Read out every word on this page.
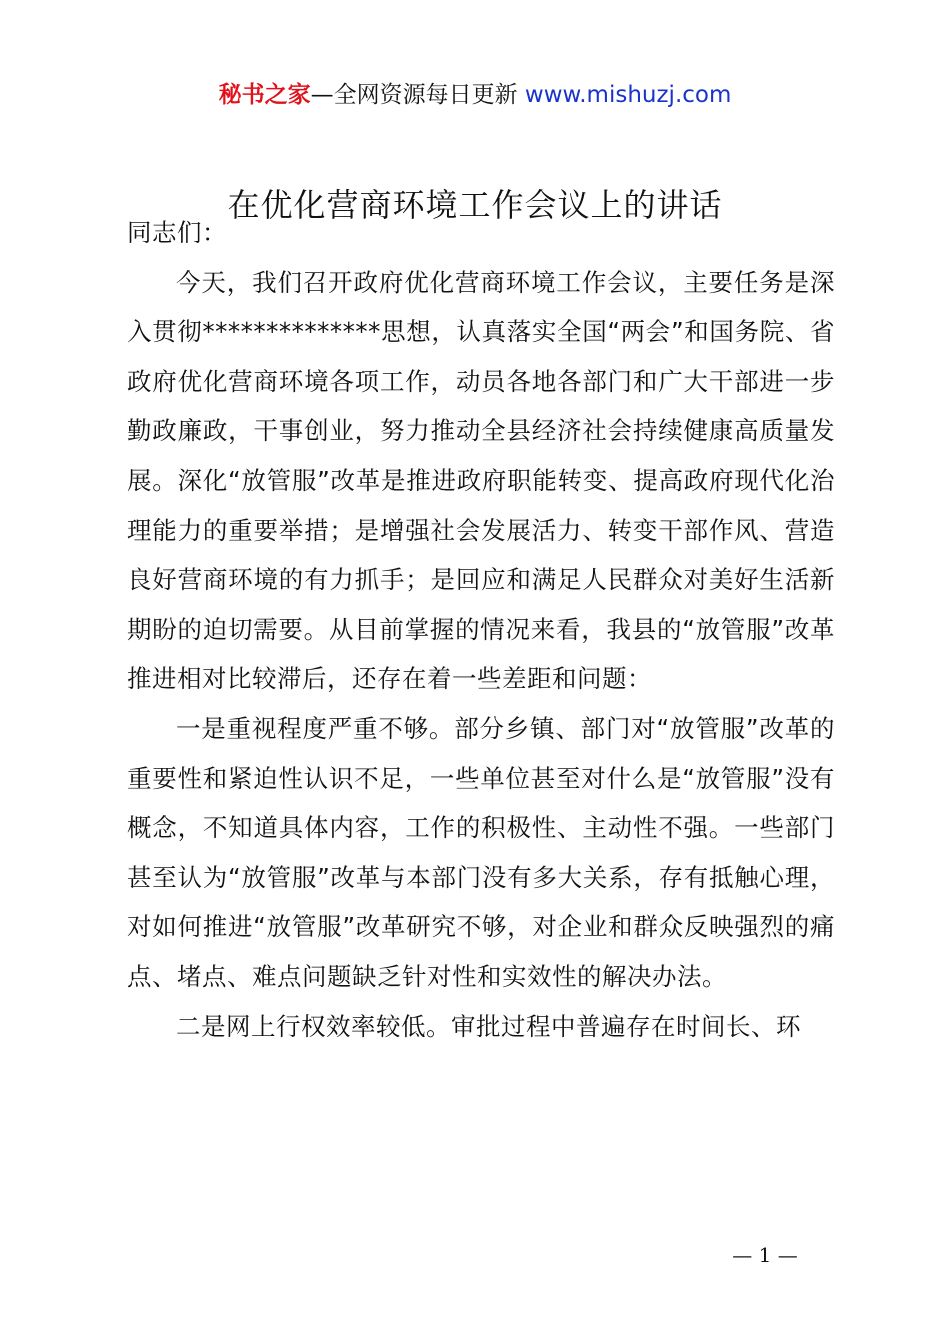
秘书之家—全网资源每日更新 www.mishuzj.com
在优化营商环境工作会议上的讲话

同志们：

今天，我们召开政府优化营商环境工作会议，主要任务是深入贯彻**************思想，认真落实全国“两会”和国务院、省政府优化营商环境各项工作，动员各地各部门和广大干部进一步勤政廉政，干事创业，努力推动全县经济社会持续健康高质量发展。深化“放管服”改革是推进政府职能转变、提高政府现代化治理能力的重要举措；是增强社会发展活力、转变干部作风、营造良好营商环境的有力抓手；是回应和满足人民群众对美好生活新期盼的迫切需要。从目前掌握的情况来看，我县的“放管服”改革推进相对比较滞后，还存在着一些差距和问题：

一是重视程度严重不够。部分乡镇、部门对“放管服”改革的重要性和紧迫性认识不足，一些单位甚至对什么是“放管服”没有概念，不知道具体内容，工作的积极性、主动性不强。一些部门甚至认为“放管服”改革与本部门没有多大关系，存有抵触心理，对如何推进“放管服”改革研究不够，对企业和群众反映强烈的痛点、堵点、难点问题缺乏针对性和实效性的解决办法。

二是网上行权效率较低。审批过程中普遍存在时间长、环

— 1 —
